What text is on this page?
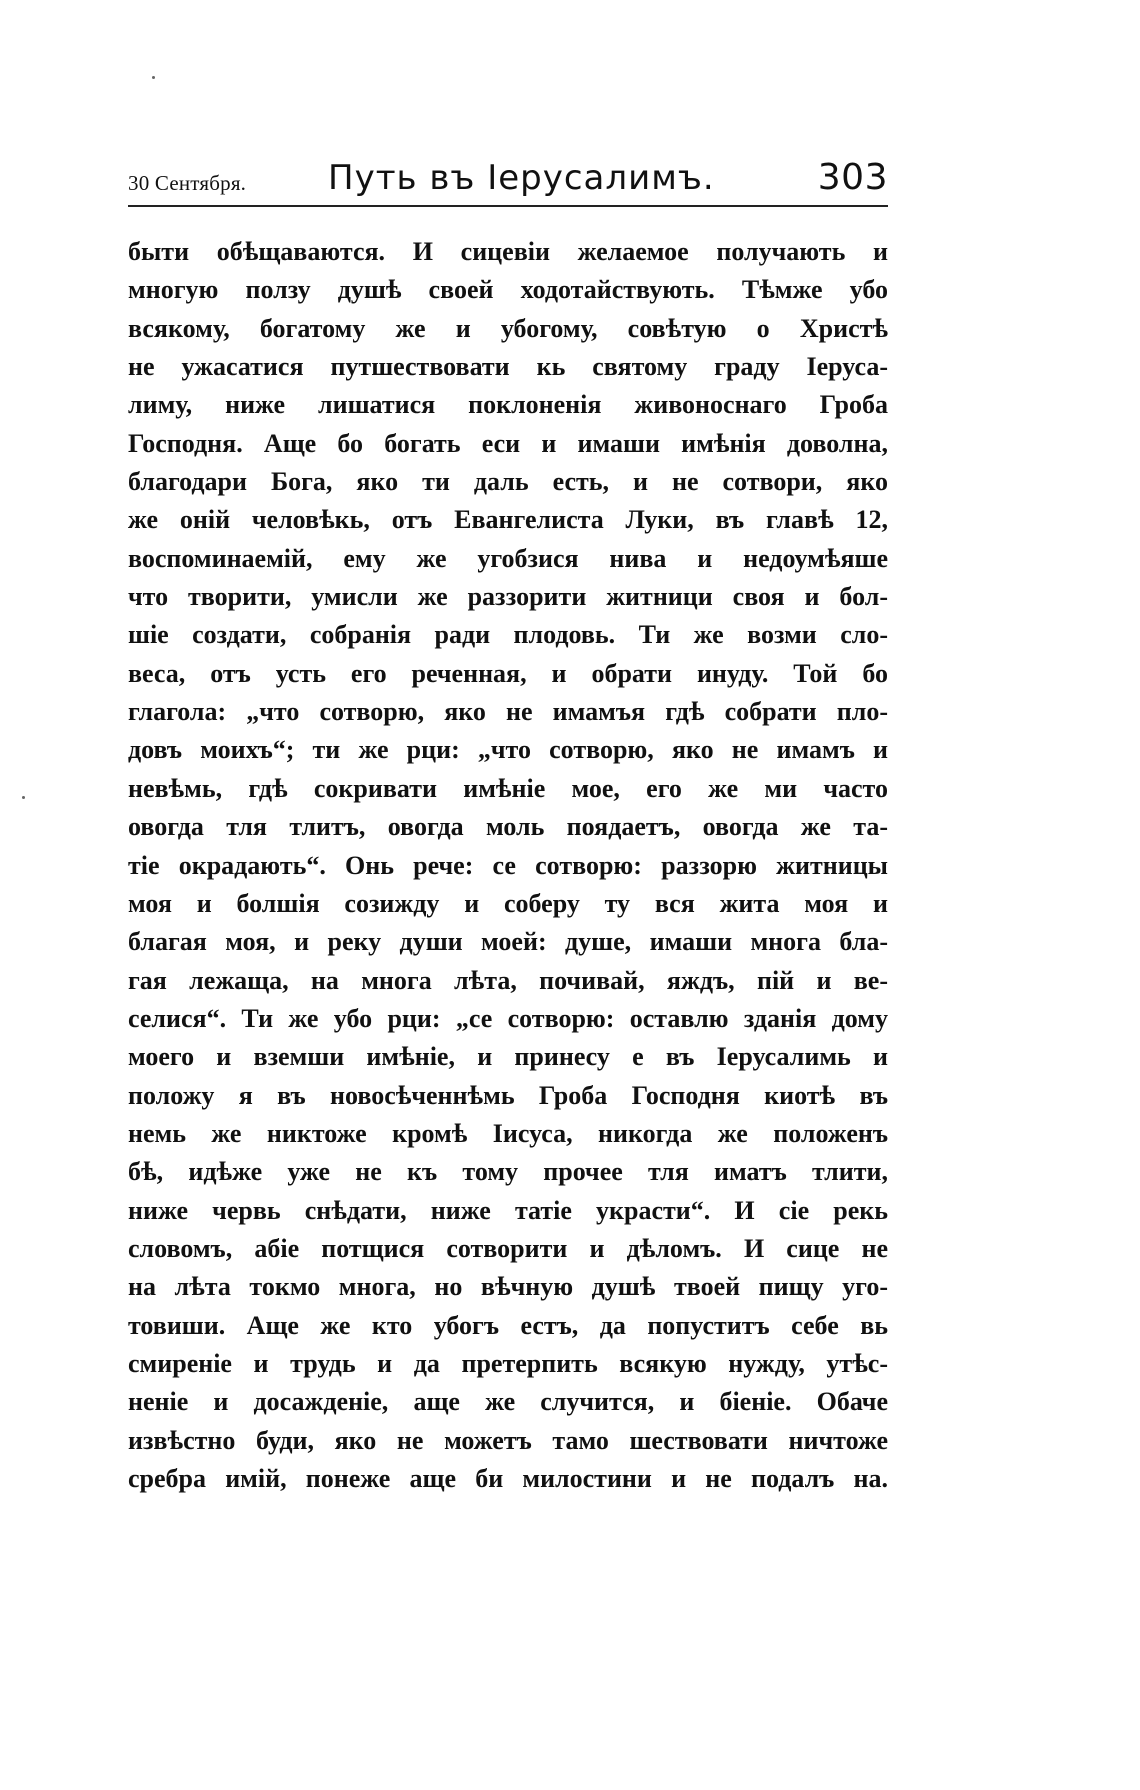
30 Сентября. Путь въ Іерусалимъ.	303
быти обѣщаваются. И сицевіи желаемое получають и
многую ползу душѣ своей ходотайствують. Тѣмже убо
всякому, богатому же и убогому, совѣтую о Христѣ
не ужасатися путшествовати кь святому граду Іеруса-
лиму, ниже лишатися поклоненія живоноснаго Гроба
Господня. Аще бо богать еси и имаши имѣнія доволна,
благодари Бога, яко ти даль есть, и не сотвори, яко
же оній человѣкь, отъ Евангелиста Луки, въ главѣ 12,
воспоминаемій, ему же угобзися нива и недоумѣяше
что творити, умисли же раззорити житници своя и бол-
шіе создати, собранія ради плодовь. Ти же возми сло-
веса, отъ усть его реченная, и обрати инуду. Той бо
глагола: „что сотворю, яко не имамъя гдѣ собрати пло-
довъ моихъ“; ти же рци: „что сотворю, яко не имамъ и
невѣмь, гдѣ сокривати имѣніе мое, его же ми часто
овогда тля тлитъ, овогда моль поядаетъ, овогда же та-
тіе окрадають“. Онь рече: се сотворю: раззорю житницы
моя и болшія созижду и соберу ту вся жита моя и
благая моя, и реку души моей: душе, имаши многа бла-
гая лежаща, на многа лѣта, почивай, яждъ, пій и ве-
селися“. Ти же убо рци: „се сотворю: оставлю зданія дому
моего и вземши имѣніе, и принесу е въ Іерусалимь и
положу я въ новосѣченнѣмь Гроба Господня киотѣ въ
немь же никтоже кромѣ Іисуса, никогда же положенъ
бѣ, идѣже уже не къ тому прочее тля иматъ тлити,
ниже червь снѣдати, ниже татіе украсти“. И сіе рекь
словомъ, абіе потщися сотворити и дѣломъ. И сице не
на лѣта токмо многа, но вѣчную душѣ твоей пищу уго-
товиши. Аще же кто убогъ естъ, да попуститъ себе вь
смиреніе и трудь и да претерпить всякую нужду, утѣс-
неніе и досажденіе, аще же случится, и біеніе. Обаче
извѣстно буди, яко не можетъ тамо шествовати ничтоже
сребра имій, понеже аще би милостини и не подалъ на.
